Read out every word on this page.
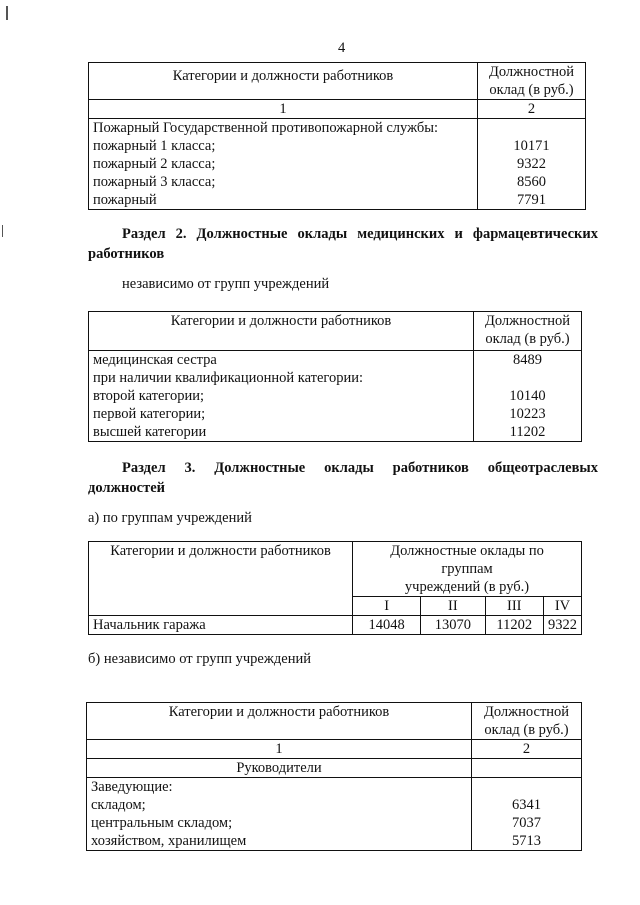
4
Категории и должности работников	Должностной
оклад (в руб.)

1	2
Пожарный Государственной противопожарной службы:	
пожарный 1 класса;	10171
пожарный 2 класса;	9322
пожарный 3 класса;	8560
пожарный	7791
Раздел 2. Должностные оклады медицинских и фармацевтических
работников
независимо от групп учреждений
Категории и должности работников	Должностной
оклад (в руб.)

медицинская сестра	8489
при наличии квалификационной категории:	
второй категории;	10140
первой категории;	10223
высшей категории	11202
Раздел 3. Должностные оклады работников общеотраслевых
должностей
а) по группам учреждений
Категории и должности работников	Должностные оклады по
группам
учреждений (в руб.)			

	I	II	III	IV
Начальник гаража	14048	13070	11202	9322
б) независимо от групп учреждений
Категории и должности работников	Должностной
оклад (в руб.)

1	2
Руководители	
Заведующие:	
складом;	6341
центральным складом;	7037
хозяйством, хранилищем	5713
